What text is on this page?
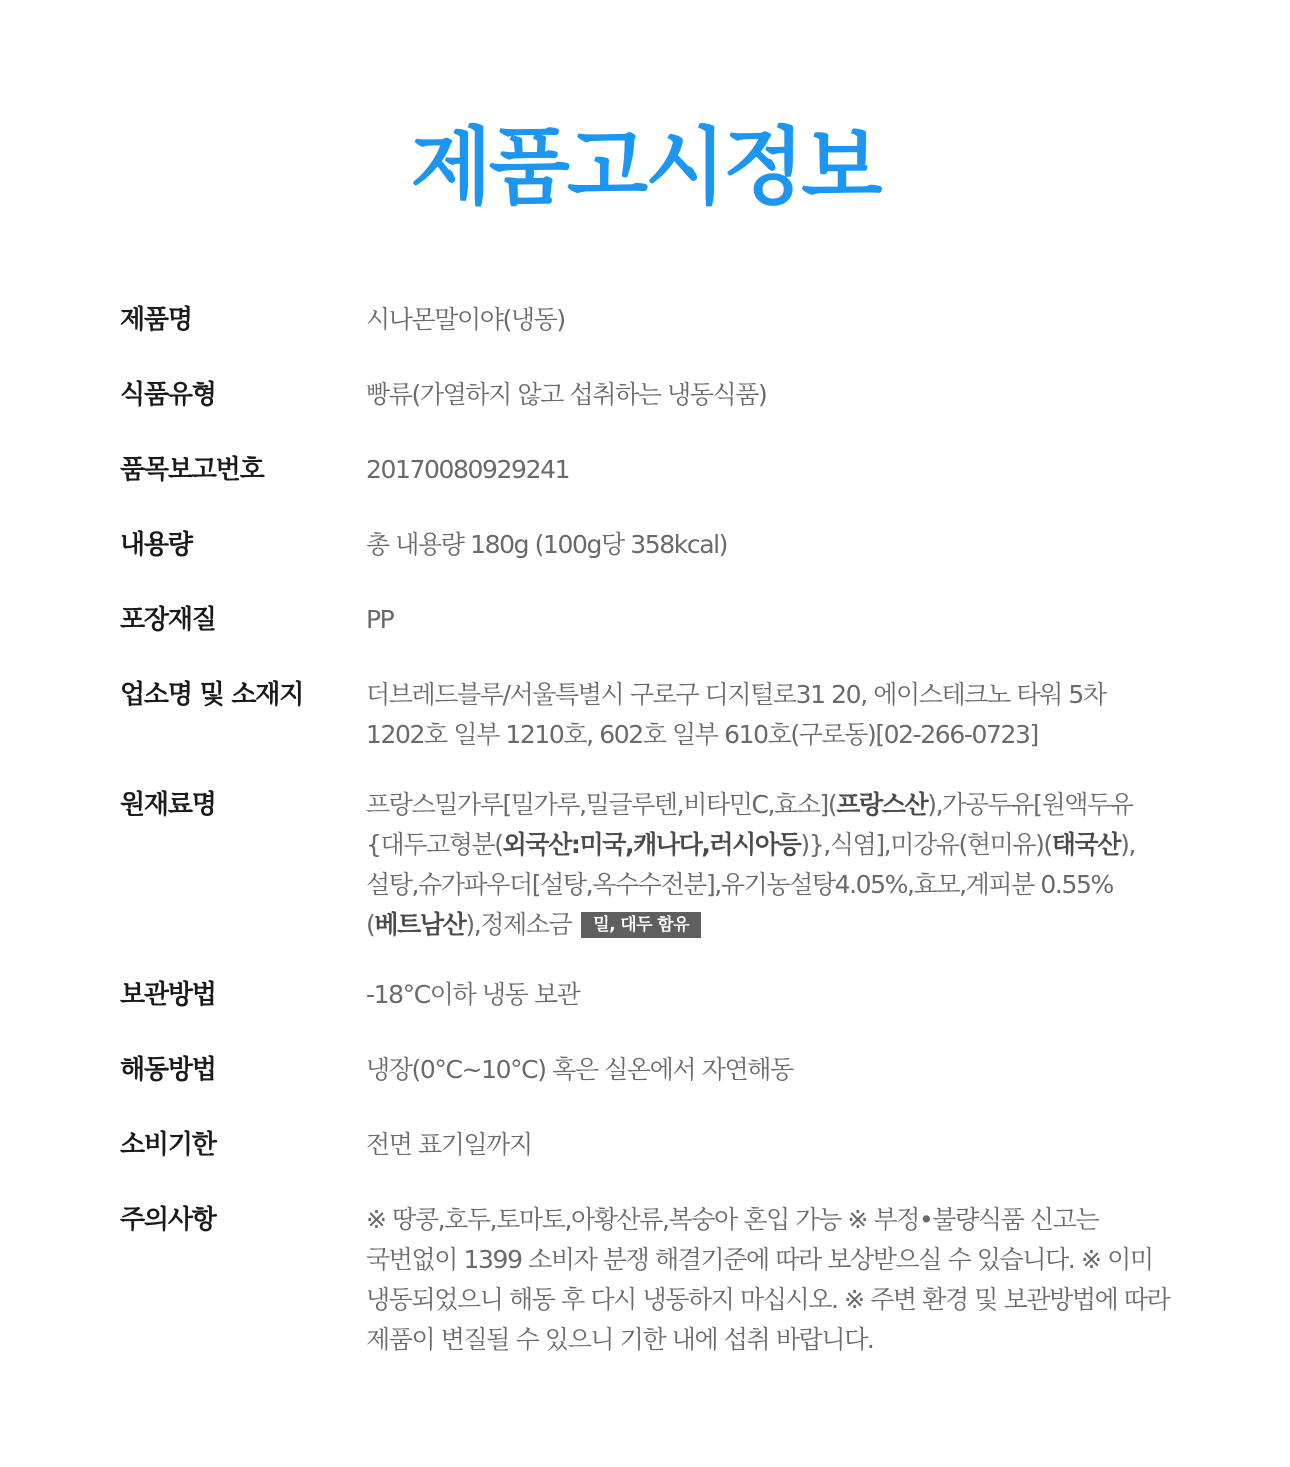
제품고시정보
제품명	시나몬말이야(냉동)
식품유형	빵류(가열하지 않고 섭취하는 냉동식품)
품목보고번호	20170080929241
내용량	총 내용량 180g (100g당 358kcal)
포장재질	PP
업소명 및 소재지	더브레드블루/서울특별시 구로구 디지털로31 20, 에이스테크노 타워 5차 1202호 일부 1210호, 602호 일부 610호(구로동)[02-266-0723]
원재료명	프랑스밀가루[밀가루,밀글루텐,비타민C,효소](프랑스산),가공두유[원액두유{대두고형분(외국산:미국,캐나다,러시아등)},식염],미강유(현미유)(태국산),설탕,슈가파우더[설탕,옥수수전분],유기농설탕4.05%,효모,계피분 0.55%(베트남산),정제소금 밀, 대두 함유
보관방법	-18°C이하 냉동 보관
해동방법	냉장(0°C~10°C) 혹은 실온에서 자연해동
소비기한	전면 표기일까지
주의사항	※ 땅콩,호두,토마토,아황산류,복숭아 혼입 가능 ※ 부정•불량식품 신고는 국번없이 1399 소비자 분쟁 해결기준에 따라 보상받으실 수 있습니다. ※ 이미 냉동되었으니 해동 후 다시 냉동하지 마십시오. ※ 주변 환경 및 보관방법에 따라 제품이 변질될 수 있으니 기한 내에 섭취 바랍니다.
